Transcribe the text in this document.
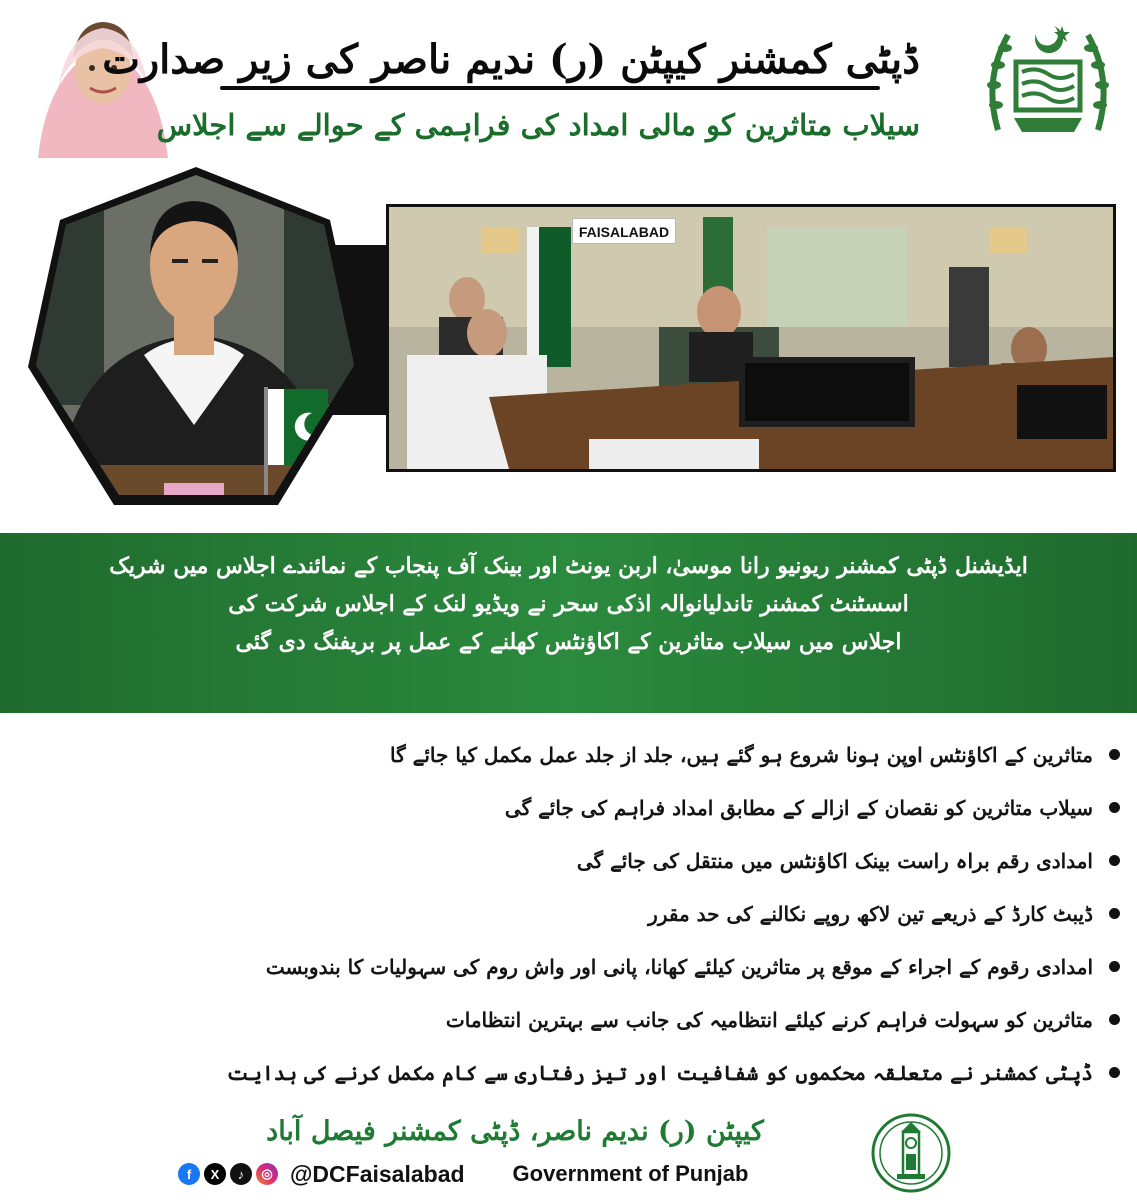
ڈپٹی کمشنر کیپٹن (ر) ندیم ناصر کی زیر صدارت
سیلاب متاثرین کو مالی امداد کی فراہمی کے حوالے سے اجلاس
FAISALABAD
ایڈیشنل ڈپٹی کمشنر ریونیو رانا موسیٰ، اربن یونٹ اور بینک آف پنجاب کے نمائندے اجلاس میں شریک
اسسٹنٹ کمشنر تاندلیانوالہ اذکی سحر نے ویڈیو لنک کے اجلاس شرکت کی
اجلاس میں سیلاب متاثرین کے اکاؤنٹس کھلنے کے عمل پر بریفنگ دی گئی
متاثرین کے اکاؤنٹس اوپن ہونا شروع ہو گئے ہیں، جلد از جلد عمل مکمل کیا جائے گا
سیلاب متاثرین کو نقصان کے ازالے کے مطابق امداد فراہم کی جائے گی
امدادی رقم براہ راست بینک اکاؤنٹس میں منتقل کی جائے گی
ڈیبٹ کارڈ کے ذریعے تین لاکھ روپے نکالنے کی حد مقرر
امدادی رقوم کے اجراء کے موقع پر متاثرین کیلئے کھانا، پانی اور واش روم کی سہولیات کا بندوبست
متاثرین کو سہولت فراہم کرنے کیلئے انتظامیہ کی جانب سے بہترین انتظامات
ڈپٹی کمشنر نے متعلقہ محکموں کو شفافیت اور تیز رفتاری سے کام مکمل کرنے کی ہدایت
کیپٹن (ر) ندیم ناصر، ڈپٹی کمشنر فیصل آباد
f	X	♪	◎ @DCFaisalabad Government of Punjab
